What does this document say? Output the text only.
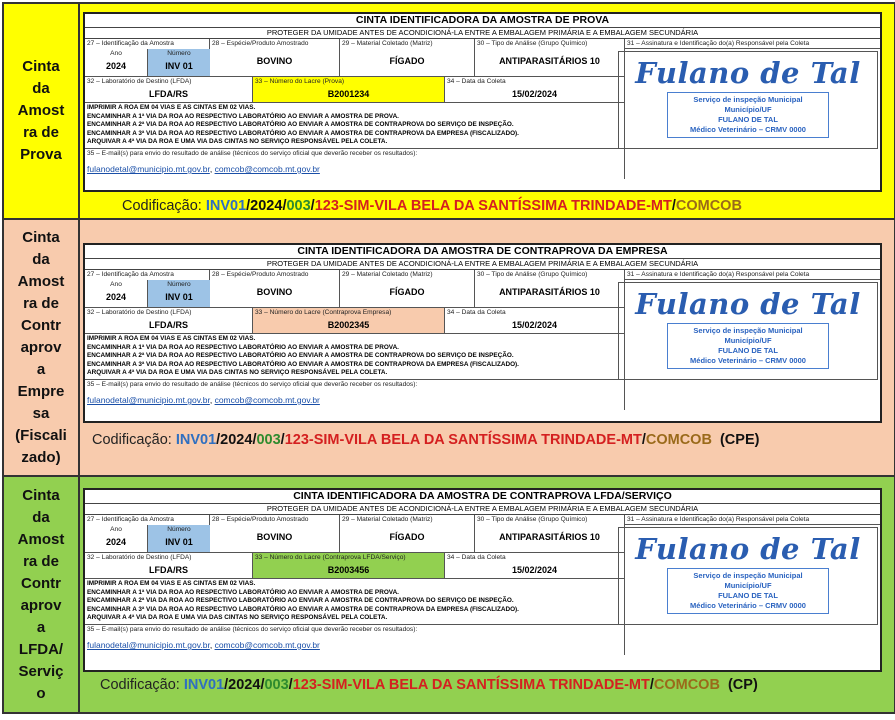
Cinta
da
Amost
ra de
Prova
CINTA IDENTIFICADORA DA AMOSTRA DE PROVA
PROTEGER DA UMIDADE ANTES DE ACONDICIONÁ-LA ENTRE A EMBALAGEM PRIMÁRIA E A EMBALAGEM SECUNDÁRIA
27 – Identificação da Amostra
Ano
2024
Número
INV 01
28 – Espécie/Produto Amostrado
BOVINO
29 – Material Coletado (Matriz)
FÍGADO
30 – Tipo de Análise (Grupo Químico)
ANTIPARASITÁRIOS 10
31 – Assinatura e Identificação do(a) Responsável pela Coleta
32 – Laboratório de Destino (LFDA)
LFDA/RS
33 – Número do Lacre (Prova)
B2001234
34 – Data da Coleta
15/02/2024
IMPRIMIR A ROA EM 04 VIAS E AS CINTAS EM 02 VIAS.
ENCAMINHAR A 1ª VIA DA ROA AO RESPECTIVO LABORATÓRIO AO ENVIAR A AMOSTRA DE PROVA.
ENCAMINHAR A 2ª VIA DA ROA AO RESPECTIVO LABORATÓRIO AO ENVIAR A AMOSTRA DE CONTRAPROVA DO SERVIÇO DE INSPEÇÃO.
ENCAMINHAR A 3ª VIA DA ROA AO RESPECTIVO LABORATÓRIO AO ENVIAR A AMOSTRA DE CONTRAPROVA DA EMPRESA (FISCALIZADO).
ARQUIVAR A 4ª VIA DA ROA E UMA VIA DAS CINTAS NO SERVIÇO RESPONSÁVEL PELA COLETA.
35 – E-mail(s) para envio do resultado de análise (técnicos do serviço oficial que deverão receber os resultados):
fulanodetal@municipio.mt.gov.br, comcob@comcob.mt.gov.br
Fulano de Tal
Serviço de inspeção Municipal
Município/UF
FULANO DE TAL
Médico Veterinário – CRMV 0000
Codificação: INV01/2024/003/123-SIM-VILA BELA DA SANTÍSSIMA TRINDADE-MT/COMCOB
Cinta
da
Amost
ra de
Contr
aprov
a
Empre
sa
(Fiscali
zado)
CINTA IDENTIFICADORA DA AMOSTRA DE CONTRAPROVA DA EMPRESA
PROTEGER DA UMIDADE ANTES DE ACONDICIONÁ-LA ENTRE A EMBALAGEM PRIMÁRIA E A EMBALAGEM SECUNDÁRIA
27 – Identificação da Amostra
Ano
2024
Número
INV 01
28 – Espécie/Produto Amostrado
BOVINO
29 – Material Coletado (Matriz)
FÍGADO
30 – Tipo de Análise (Grupo Químico)
ANTIPARASITÁRIOS 10
31 – Assinatura e Identificação do(a) Responsável pela Coleta
32 – Laboratório de Destino (LFDA)
LFDA/RS
33 – Número do Lacre (Contraprova Empresa)
B2002345
34 – Data da Coleta
15/02/2024
IMPRIMIR A ROA EM 04 VIAS E AS CINTAS EM 02 VIAS.
ENCAMINHAR A 1ª VIA DA ROA AO RESPECTIVO LABORATÓRIO AO ENVIAR A AMOSTRA DE PROVA.
ENCAMINHAR A 2ª VIA DA ROA AO RESPECTIVO LABORATÓRIO AO ENVIAR A AMOSTRA DE CONTRAPROVA DO SERVIÇO DE INSPEÇÃO.
ENCAMINHAR A 3ª VIA DA ROA AO RESPECTIVO LABORATÓRIO AO ENVIAR A AMOSTRA DE CONTRAPROVA DA EMPRESA (FISCALIZADO).
ARQUIVAR A 4ª VIA DA ROA E UMA VIA DAS CINTAS NO SERVIÇO RESPONSÁVEL PELA COLETA.
35 – E-mail(s) para envio do resultado de análise (técnicos do serviço oficial que deverão receber os resultados):
fulanodetal@municipio.mt.gov.br, comcob@comcob.mt.gov.br
Fulano de Tal
Serviço de inspeção Municipal
Município/UF
FULANO DE TAL
Médico Veterinário – CRMV 0000
Codificação: INV01/2024/003/123-SIM-VILA BELA DA SANTÍSSIMA TRINDADE-MT/COMCOB (CPE)
Cinta
da
Amost
ra de
Contr
aprov
a
LFDA/
Serviç
o
CINTA IDENTIFICADORA DA AMOSTRA DE CONTRAPROVA LFDA/SERVIÇO
PROTEGER DA UMIDADE ANTES DE ACONDICIONÁ-LA ENTRE A EMBALAGEM PRIMÁRIA E A EMBALAGEM SECUNDÁRIA
27 – Identificação da Amostra
Ano
2024
Número
INV 01
28 – Espécie/Produto Amostrado
BOVINO
29 – Material Coletado (Matriz)
FÍGADO
30 – Tipo de Análise (Grupo Químico)
ANTIPARASITÁRIOS 10
31 – Assinatura e Identificação do(a) Responsável pela Coleta
32 – Laboratório de Destino (LFDA)
LFDA/RS
33 – Número do Lacre (Contraprova LFDA/Serviço)
B2003456
34 – Data da Coleta
15/02/2024
IMPRIMIR A ROA EM 04 VIAS E AS CINTAS EM 02 VIAS.
ENCAMINHAR A 1ª VIA DA ROA AO RESPECTIVO LABORATÓRIO AO ENVIAR A AMOSTRA DE PROVA.
ENCAMINHAR A 2ª VIA DA ROA AO RESPECTIVO LABORATÓRIO AO ENVIAR A AMOSTRA DE CONTRAPROVA DO SERVIÇO DE INSPEÇÃO.
ENCAMINHAR A 3ª VIA DA ROA AO RESPECTIVO LABORATÓRIO AO ENVIAR A AMOSTRA DE CONTRAPROVA DA EMPRESA (FISCALIZADO).
ARQUIVAR A 4ª VIA DA ROA E UMA VIA DAS CINTAS NO SERVIÇO RESPONSÁVEL PELA COLETA.
35 – E-mail(s) para envio do resultado de análise (técnicos do serviço oficial que deverão receber os resultados):
fulanodetal@municipio.mt.gov.br, comcob@comcob.mt.gov.br
Fulano de Tal
Serviço de inspeção Municipal
Município/UF
FULANO DE TAL
Médico Veterinário – CRMV 0000
Codificação: INV01/2024/003/123-SIM-VILA BELA DA SANTÍSSIMA TRINDADE-MT/COMCOB (CP)
